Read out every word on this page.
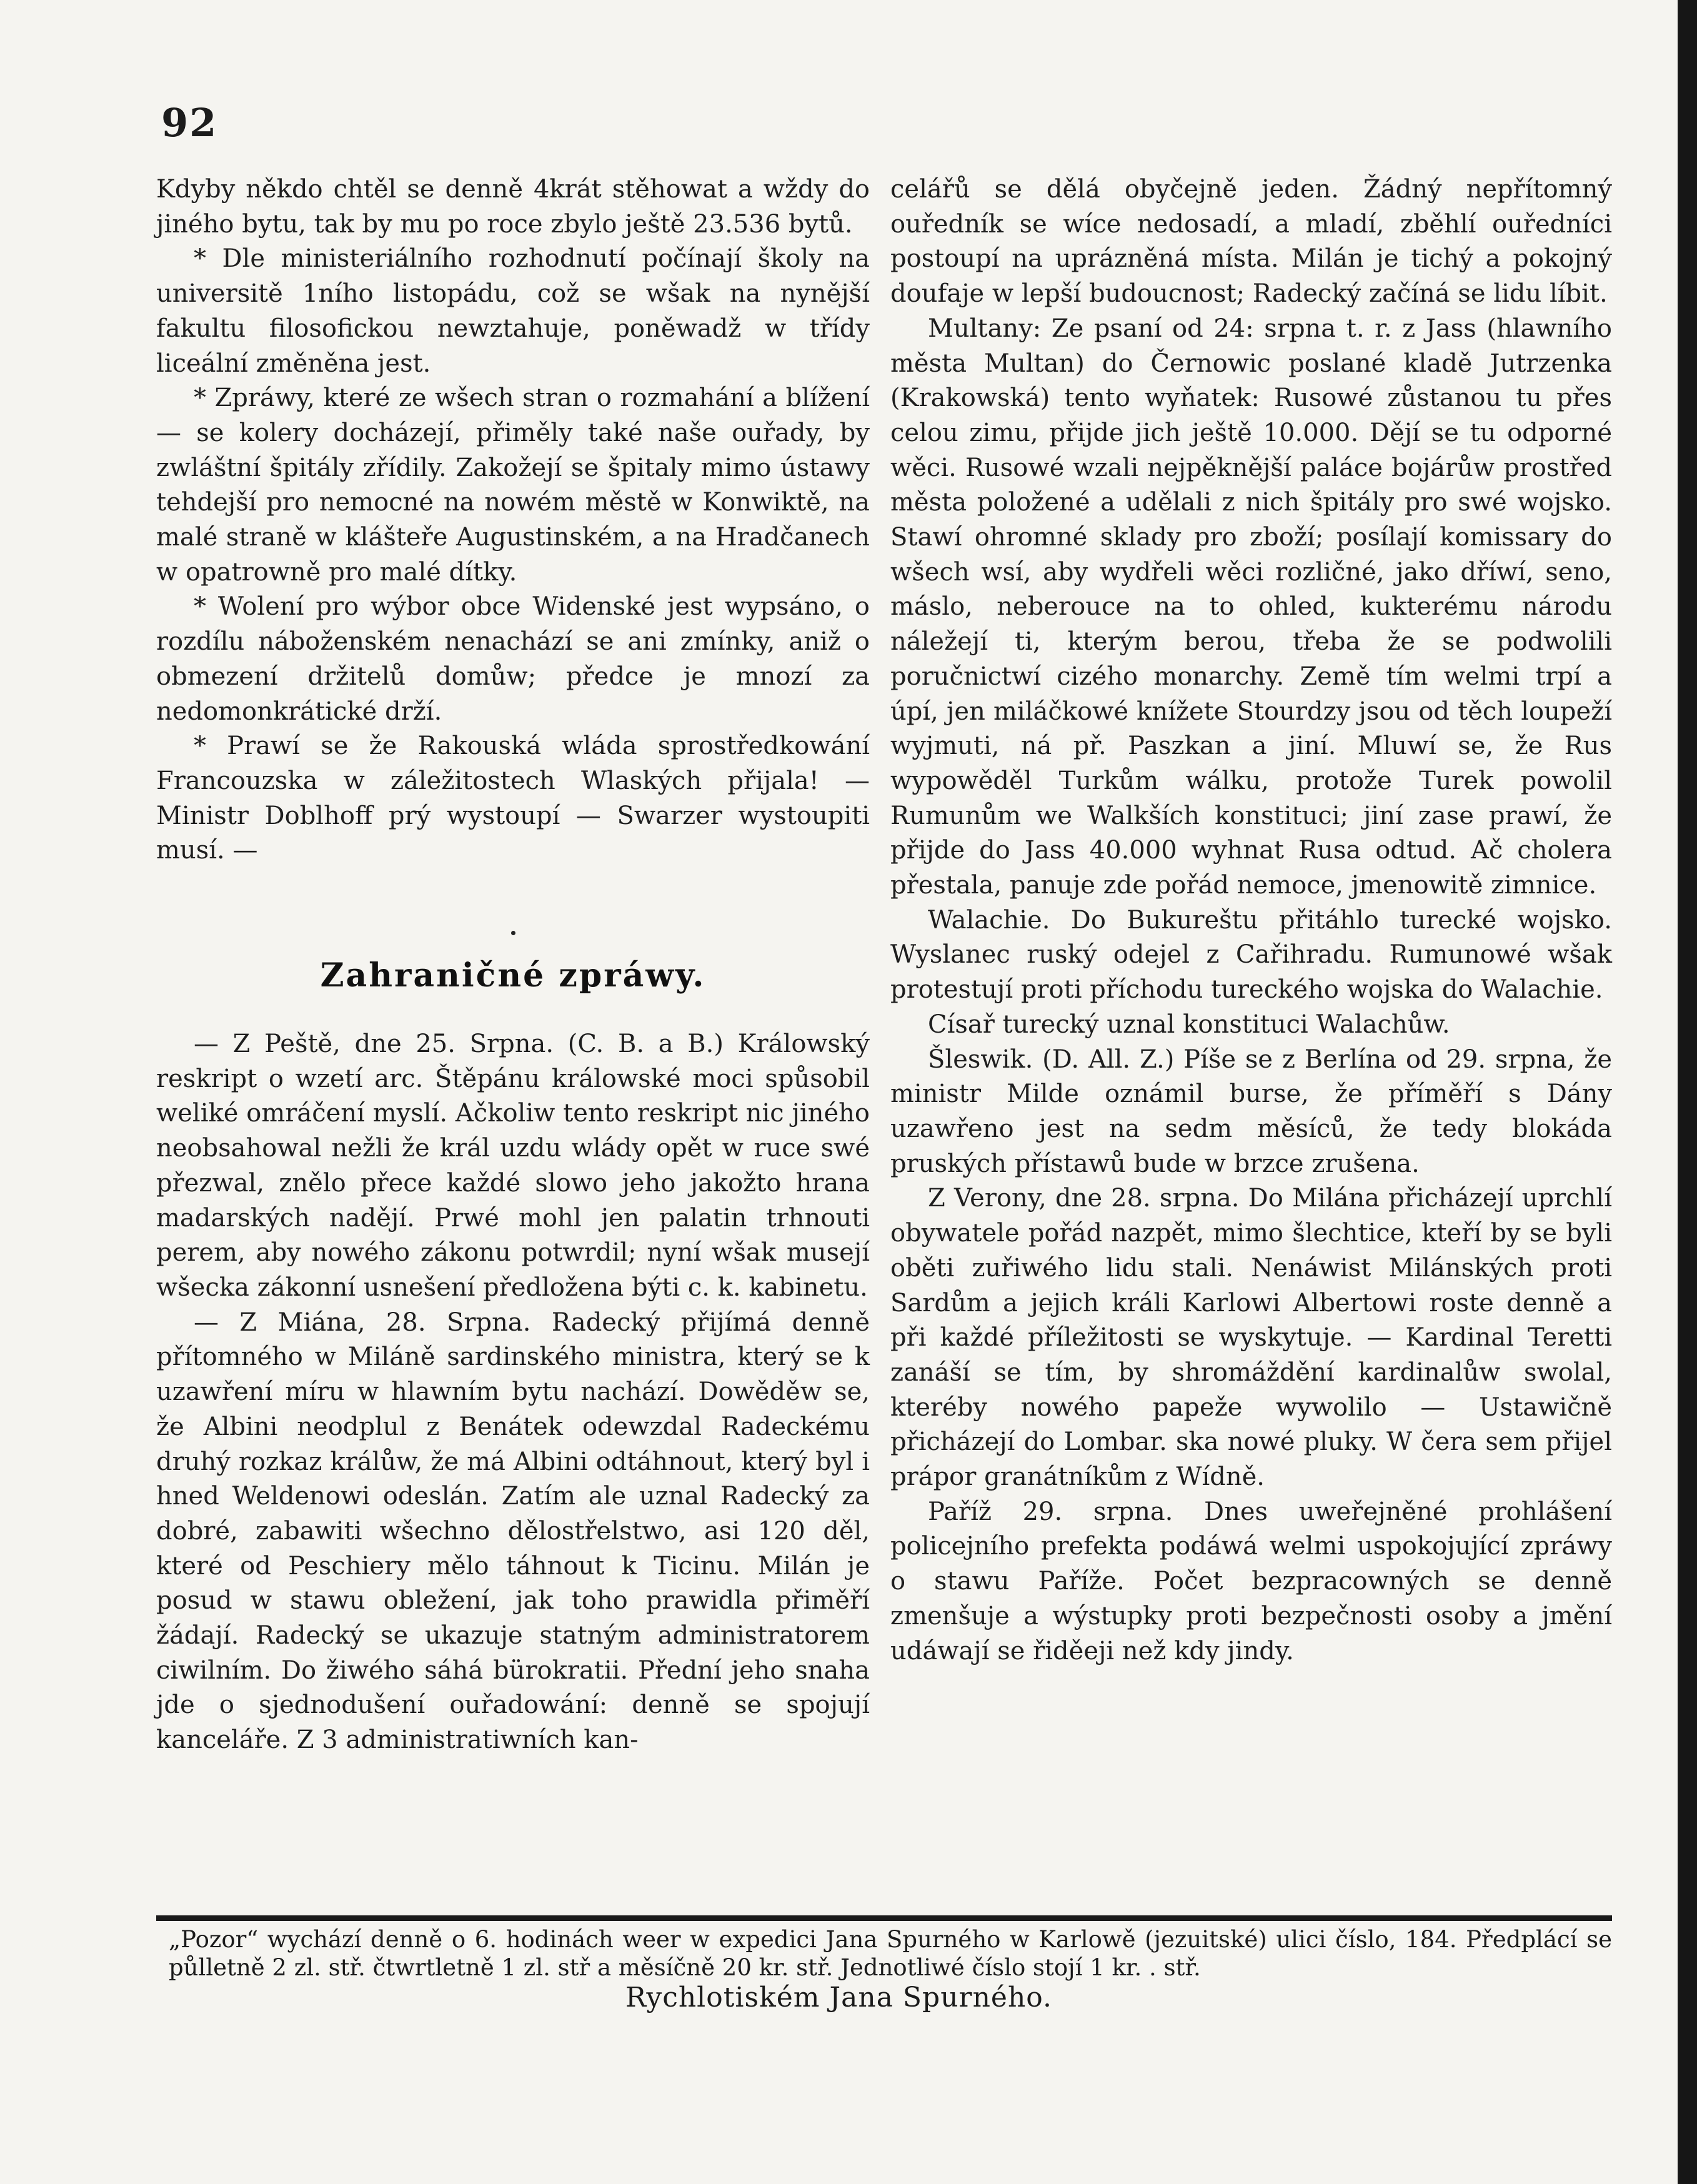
92

Kdyby někdo chtěl se denně 4krát stěhowat a wždy do jiného bytu, tak by mu po roce zbylo ještě 23.536 bytů.

* Dle ministeriálního rozhodnutí počínají školy na universitě 1ního listopádu, což se wšak na nynější fakultu filosofickou newztahuje, poněwadž w třídy liceální změněna jest.

* Zpráwy, které ze wšech stran o rozmahání a blížení — se kolery docházejí, přiměly také naše ouřady, by zwláštní špitály zřídily. Zakožejí se špitaly mimo ústawy tehdejší pro nemocné na nowém městě w Konwiktě, na malé straně w klášteře Augustinském, a na Hradčanech w opatrowně pro malé dítky.

* Wolení pro wýbor obce Widenské jest wypsáno, o rozdílu náboženském nenachází se ani zmínky, aniž o obmezení držitelů domůw; předce je mnozí za nedomonkrátické drží.

* Prawí se že Rakouská wláda sprostředkowání Francouzska w záležitostech Wlaských přijala! — Ministr Doblhoff prý wystoupí — Swarzer wystoupiti musí. —

Zahraničné zpráwy.

— Z Peště, dne 25. Srpna. (C. B. a B.) Králowský reskript o wzetí arc. Štěpánu králowské moci spůsobil weliké omráčení myslí. Ačkoliw tento reskript nic jiného neobsahowal nežli že král uzdu wlády opět w ruce swé přezwal, znělo přece každé slowo jeho jakožto hrana madarských nadějí. Prwé mohl jen palatin trhnouti perem, aby nowého zákonu potwrdil; nyní wšak musejí wšecka zákonní usnešení předložena býti c. k. kabinetu.

— Z Miána, 28. Srpna. Radecký přijímá denně přítomného w Miláně sardinského ministra, který se k uzawření míru w hlawním bytu nachází. Dowěděw se, že Albini neodplul z Benátek odewzdal Radeckému druhý rozkaz králůw, že má Albini odtáhnout, který byl i hned Weldenowi odeslán. Zatím ale uznal Radecký za dobré, zabawiti wšechno dělostřelstwo, asi 120 děl, které od Peschiery mělo táhnout k Ticinu. Milán je posud w stawu obležení, jak toho prawidla přiměří žádají. Radecký se ukazuje statným administratorem ciwilním. Do žiwého sáhá bürokratii. Přední jeho snaha jde o sjednodušení ouřadowání: denně se spojují kanceláře. Z 3 administratiwních kan-

celářů se dělá obyčejně jeden. Žádný nepřítomný ouředník se wíce nedosadí, a mladí, zběhlí ouředníci postoupí na uprázněná místa. Milán je tichý a pokojný doufaje w lepší budoucnost; Radecký začíná se lidu líbit.

Multany: Ze psaní od 24: srpna t. r. z Jass (hlawního města Multan) do Černowic poslané kladě Jutrzenka (Krakowská) tento wyňatek: Rusowé zůstanou tu přes celou zimu, přijde jich ještě 10.000. Dějí se tu odporné wěci. Rusowé wzali nejpěknější paláce bojárůw prostřed města položené a udělali z nich špitály pro swé wojsko. Stawí ohromné sklady pro zboží; posílají komissary do wšech wsí, aby wydřeli wěci rozličné, jako dříwí, seno, máslo, neberouce na to ohled, kukterému národu náležejí ti, kterým berou, třeba že se podwolili poručnictwí cizého monarchy. Země tím welmi trpí a úpí, jen miláčkowé knížete Stourdzy jsou od těch loupeží wyjmuti, ná př. Paszkan a jiní. Mluwí se, že Rus wypowěděl Turkům wálku, protože Turek powolil Rumunům we Walkších konstituci; jiní zase prawí, že přijde do Jass 40.000 wyhnat Rusa odtud. Ač cholera přestala, panuje zde pořád nemoce, jmenowitě zimnice.

Walachie. Do Bukureštu přitáhlo turecké wojsko. Wyslanec ruský odejel z Cařihradu. Rumunowé wšak protestují proti příchodu tureckého wojska do Walachie.

Císař turecký uznal konstituci Walachůw.

Šleswik. (D. All. Z.) Píše se z Berlína od 29. srpna, že ministr Milde oznámil burse, že příměří s Dány uzawřeno jest na sedm měsíců, že tedy blokáda pruských přístawů bude w brzce zrušena.

Z Verony, dne 28. srpna. Do Milána přicházejí uprchlí obywatele pořád nazpět, mimo šlechtice, kteří by se byli oběti zuřiwého lidu stali. Nenáwist Milánských proti Sardům a jejich králi Karlowi Albertowi roste denně a při každé příležitosti se wyskytuje. — Kardinal Teretti zanáší se tím, by shromáždění kardinalůw swolal, kteréby nowého papeže wywolilo — Ustawičně přicházejí do Lombar. ska nowé pluky. W čera sem přijel prápor granátníkům z Wídně.

Paříž 29. srpna. Dnes uweřejněné prohlášení policejního prefekta podáwá welmi uspokojující zpráwy o stawu Paříže. Počet bezpracowných se denně zmenšuje a wýstupky proti bezpečnosti osoby a jmění udáwají se řiděeji než kdy jindy.

„Pozor“ wychází denně o 6. hodinách weer w expedici Jana Spurného w Karlowě (jezuitské) ulici číslo, 184. Předplácí se půlletně 2 zl. stř. čtwrtletně 1 zl. stř a měsíčně 20 kr. stř. Jednotliwé číslo stojí 1 kr. . stř.
Rychlotiském Jana Spurného.
